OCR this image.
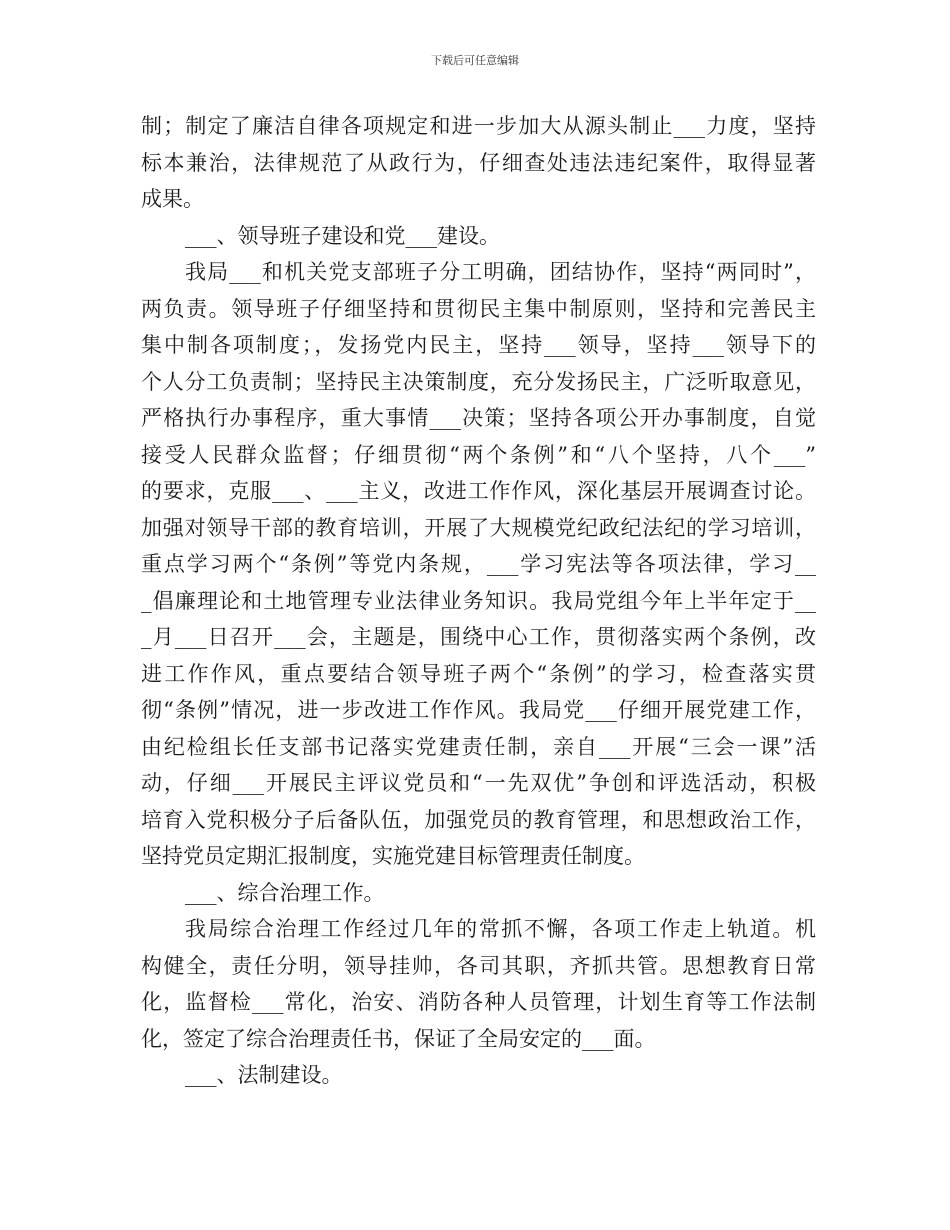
下载后可任意编辑
制；制定了廉洁自律各项规定和进一步加大从源头制止___力度，坚持
标本兼治，法律规范了从政行为，仔细查处违法违纪案件，取得显著
成果。
___、领导班子建设和党___建设。
我局___和机关党支部班子分工明确，团结协作，坚持“两同时”，
两负责。领导班子仔细坚持和贯彻民主集中制原则，坚持和完善民主
集中制各项制度；，发扬党内民主，坚持___领导，坚持___领导下的
个人分工负责制；坚持民主决策制度，充分发扬民主，广泛听取意见，
严格执行办事程序，重大事情___决策；坚持各项公开办事制度，自觉
接受人民群众监督；仔细贯彻“两个条例”和“八个坚持，八个___”
的要求，克服___、___主义，改进工作作风，深化基层开展调查讨论。
加强对领导干部的教育培训，开展了大规模党纪政纪法纪的学习培训，
重点学习两个“条例”等党内条规，___学习宪法等各项法律，学习__
_倡廉理论和土地管理专业法律业务知识。我局党组今年上半年定于__
_月___日召开___会，主题是，围绕中心工作，贯彻落实两个条例，改
进工作作风，重点要结合领导班子两个“条例”的学习，检查落实贯
彻“条例”情况，进一步改进工作作风。我局党___仔细开展党建工作，
由纪检组长任支部书记落实党建责任制，亲自___开展“三会一课”活
动，仔细___开展民主评议党员和“一先双优”争创和评选活动，积极
培育入党积极分子后备队伍，加强党员的教育管理，和思想政治工作，
坚持党员定期汇报制度，实施党建目标管理责任制度。
___、综合治理工作。
我局综合治理工作经过几年的常抓不懈，各项工作走上轨道。机
构健全，责任分明，领导挂帅，各司其职，齐抓共管。思想教育日常
化，监督检___常化，治安、消防各种人员管理，计划生育等工作法制
化，签定了综合治理责任书，保证了全局安定的___面。
___、法制建设。
